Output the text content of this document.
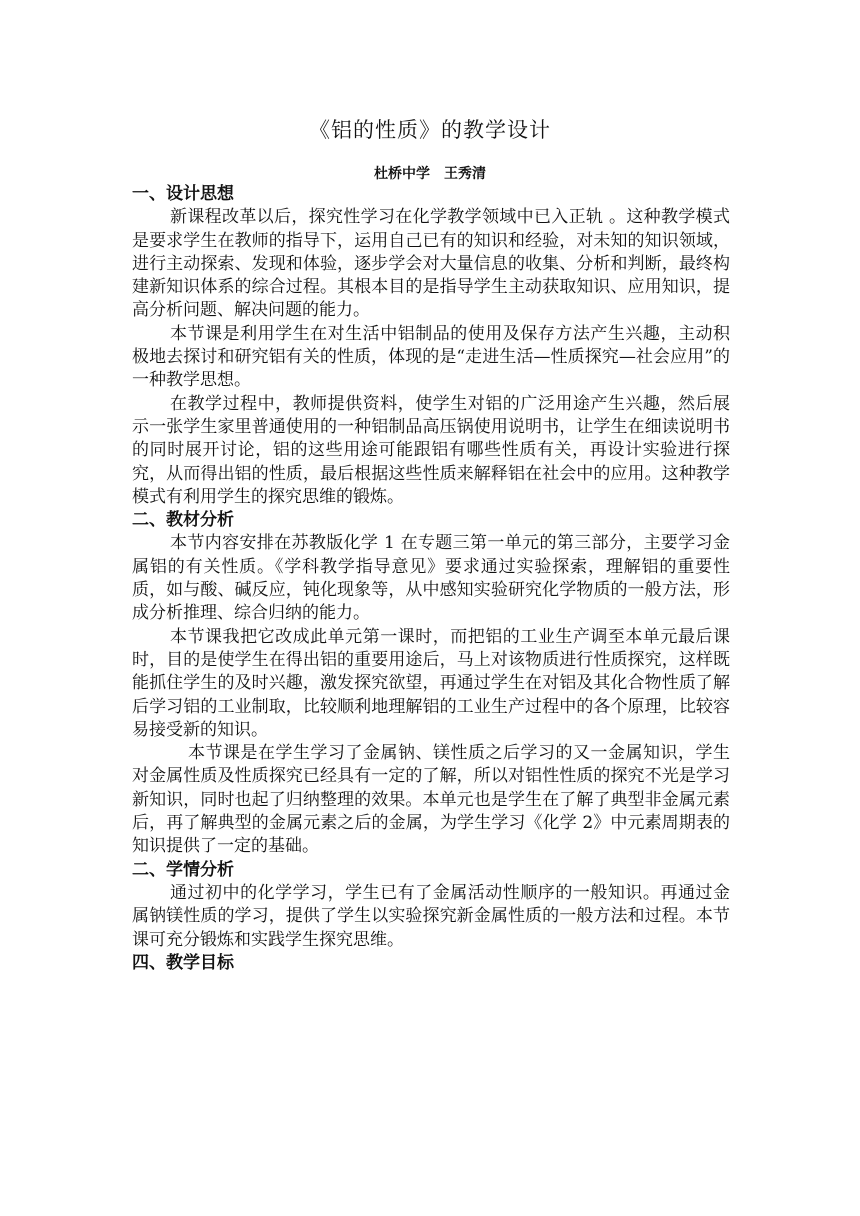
《铝的性质》的教学设计
杜桥中学 王秀清

一、设计思想

新课程改革以后，探究性学习在化学教学领域中已入正轨 。这种教学模式是要求学生在教师的指导下，运用自己已有的知识和经验，对未知的知识领域，进行主动探索、发现和体验，逐步学会对大量信息的收集、分析和判断，最终构建新知识体系的综合过程。其根本目的是指导学生主动获取知识、应用知识，提高分析问题、解决问题的能力。

本节课是利用学生在对生活中铝制品的使用及保存方法产生兴趣，主动积极地去探讨和研究铝有关的性质，体现的是“走进生活—性质探究—社会应用”的一种教学思想。

在教学过程中，教师提供资料，使学生对铝的广泛用途产生兴趣，然后展示一张学生家里普通使用的一种铝制品高压锅使用说明书，让学生在细读说明书的同时展开讨论，铝的这些用途可能跟铝有哪些性质有关，再设计实验进行探究，从而得出铝的性质，最后根据这些性质来解释铝在社会中的应用。这种教学模式有利用学生的探究思维的锻炼。

二、教材分析

本节内容安排在苏教版化学 1 在专题三第一单元的第三部分，主要学习金属铝的有关性质。《学科教学指导意见》要求通过实验探索，理解铝的重要性质，如与酸、碱反应，钝化现象等，从中感知实验研究化学物质的一般方法，形成分析推理、综合归纳的能力。

本节课我把它改成此单元第一课时，而把铝的工业生产调至本单元最后课时，目的是使学生在得出铝的重要用途后，马上对该物质进行性质探究，这样既能抓住学生的及时兴趣，激发探究欲望，再通过学生在对铝及其化合物性质了解后学习铝的工业制取，比较顺利地理解铝的工业生产过程中的各个原理，比较容易接受新的知识。

本节课是在学生学习了金属钠、镁性质之后学习的又一金属知识，学生对金属性质及性质探究已经具有一定的了解，所以对铝性性质的探究不光是学习新知识，同时也起了归纳整理的效果。本单元也是学生在了解了典型非金属元素后，再了解典型的金属元素之后的金属，为学生学习《化学 2》中元素周期表的知识提供了一定的基础。

二、学情分析

通过初中的化学学习，学生已有了金属活动性顺序的一般知识。再通过金属钠镁性质的学习，提供了学生以实验探究新金属性质的一般方法和过程。本节课可充分锻炼和实践学生探究思维。

四、教学目标
